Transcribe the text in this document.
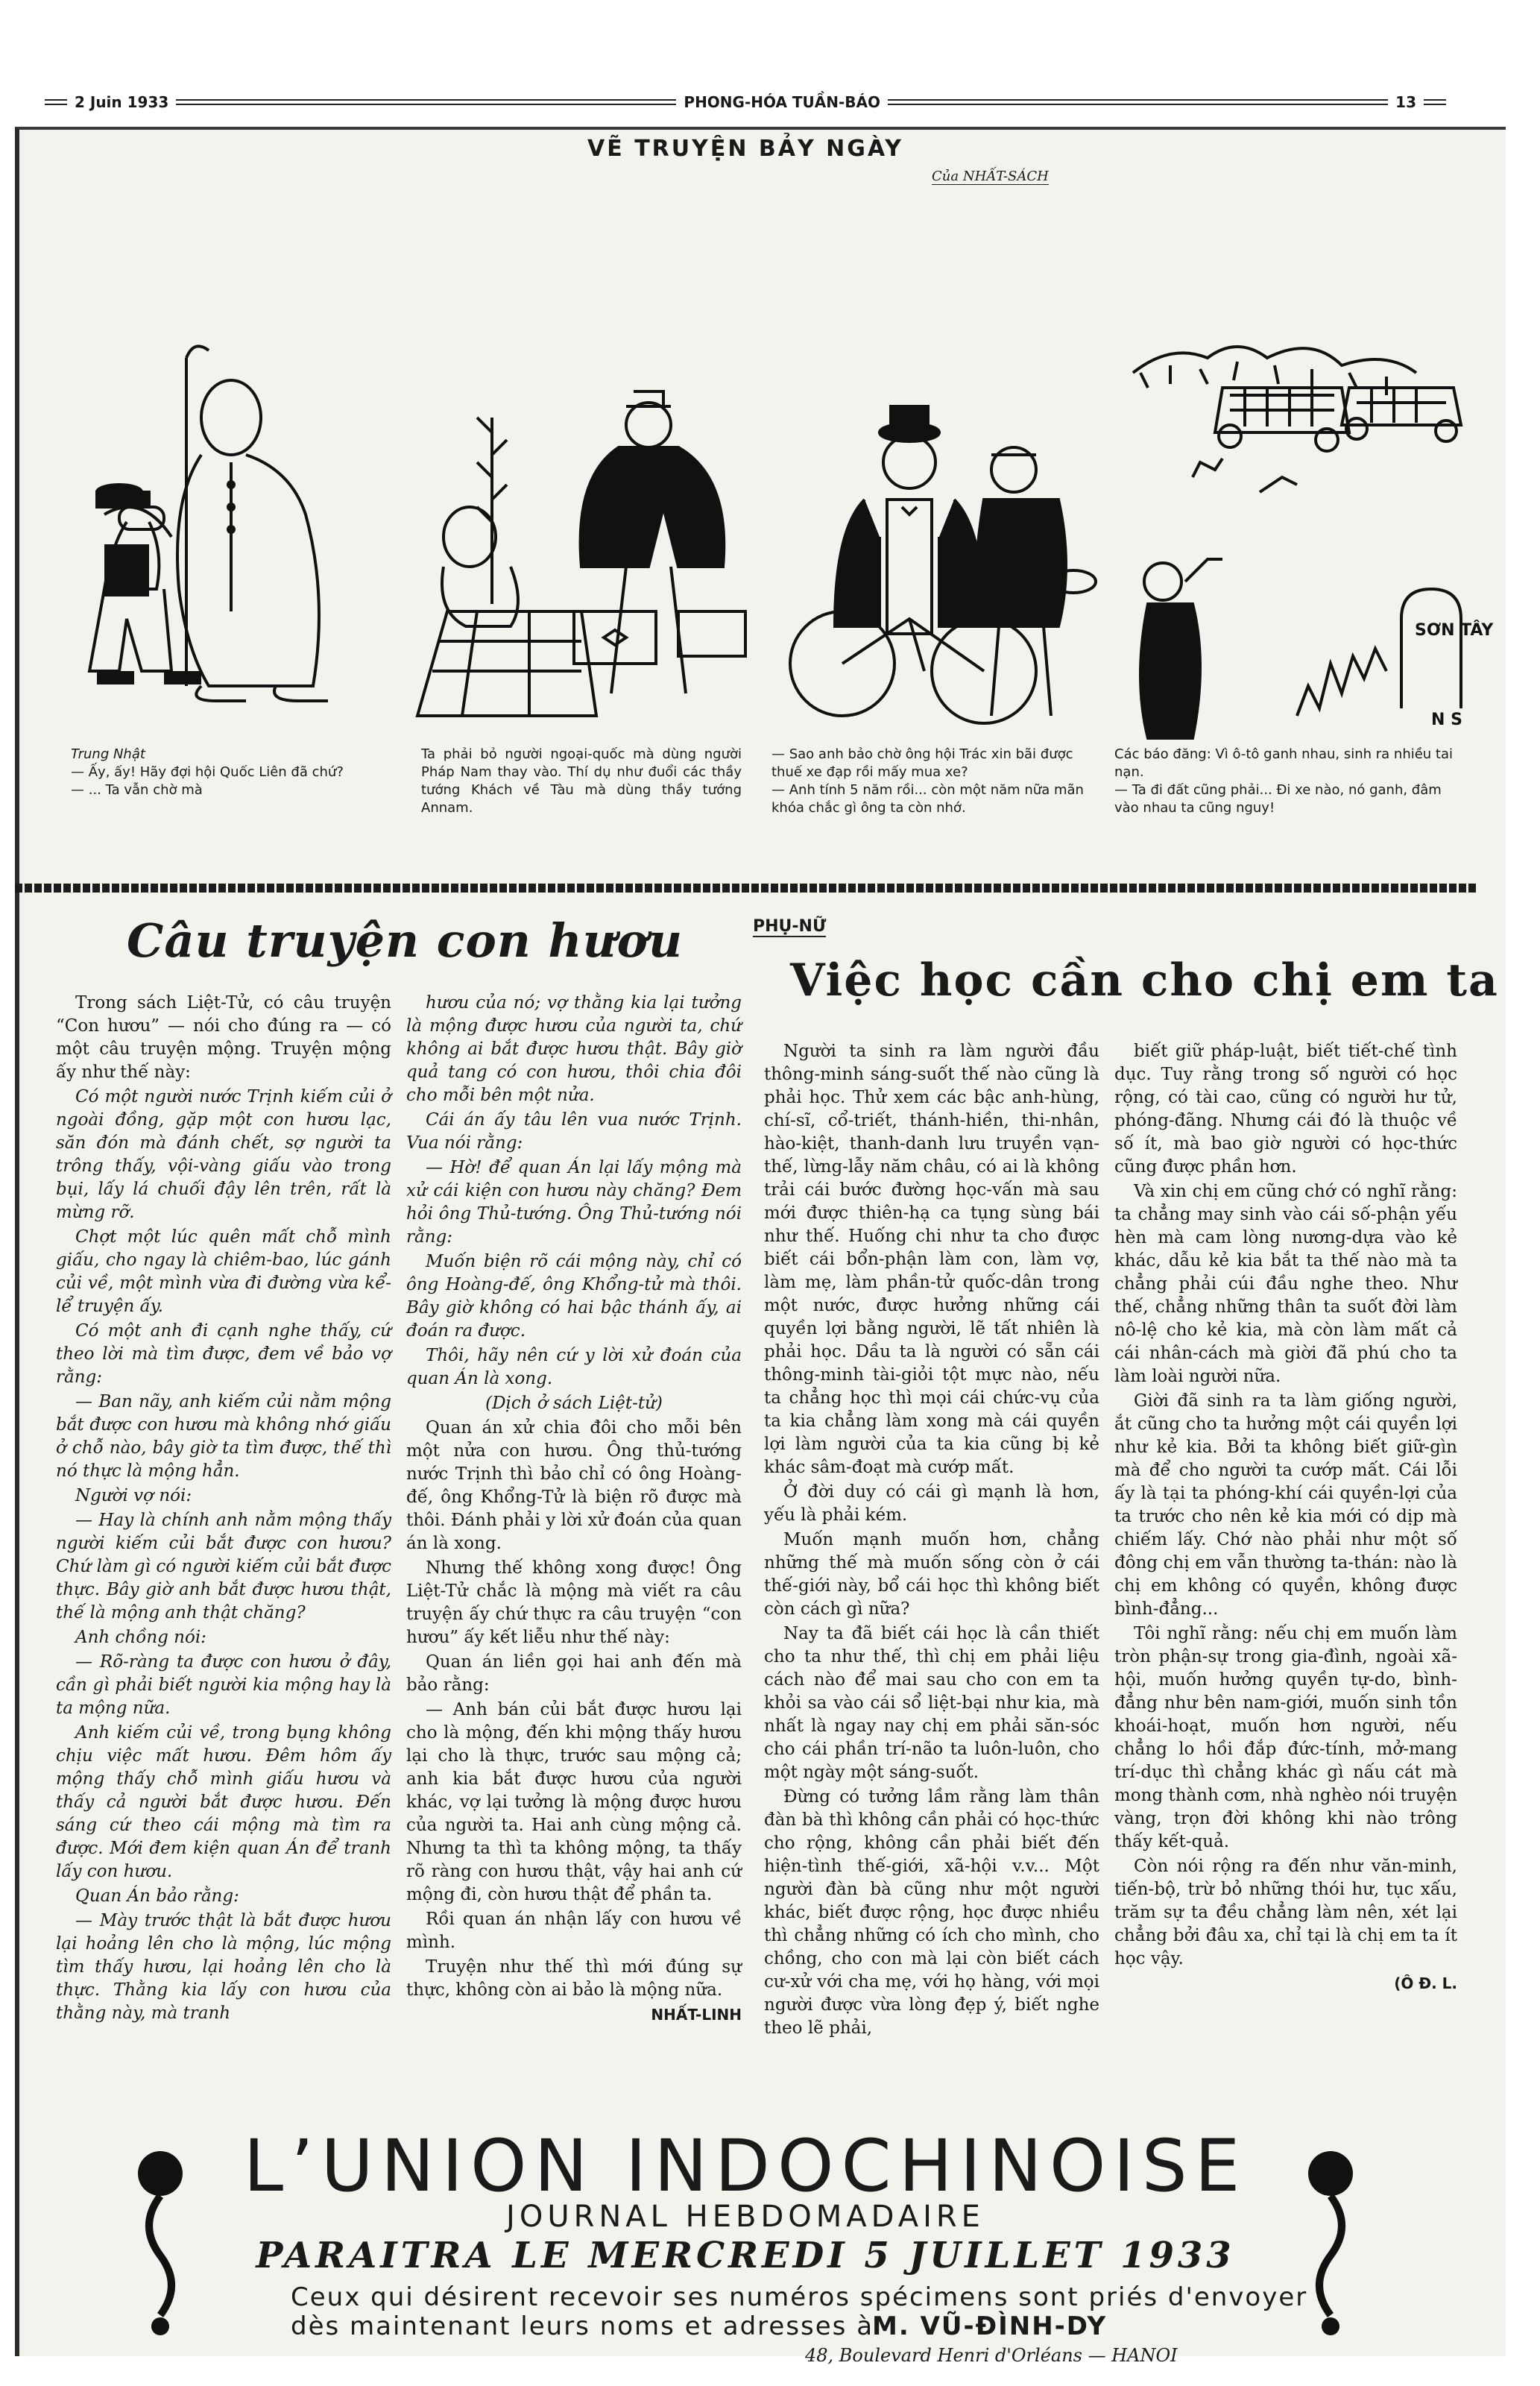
2 Juin 1933	PHONG-HÓA TUẦN-BÁO	13
VẼ TRUYỆN BẢY NGÀY
Của NHẤT-SÁCH

Trung Nhật

— Ấy, ấy! Hãy đợi hội Quốc Liên đã chứ?

— ... Ta vẫn chờ mà

Ta phải bỏ người ngoại-quốc mà dùng người Pháp Nam thay vào. Thí dụ như đuổi các thầy tướng Khách về Tàu mà dùng thầy tướng Annam.

— Sao anh bảo chờ ông hội Trác xin bãi được thuế xe đạp rồi mấy mua xe?

— Anh tính 5 năm rồi... còn một năm nữa mãn khóa chắc gì ông ta còn nhớ.

SƠN TÂY
N S

Các báo đăng: Vì ô-tô ganh nhau, sinh ra nhiều tai nạn.

— Ta đi đất cũng phải... Đi xe nào, nó ganh, đâm vào nhau ta cũng nguy!

Câu truyện con hươu

Trong sách Liệt-Tử, có câu truyện “Con hươu” — nói cho đúng ra — có một câu truyện mộng. Truyện mộng ấy như thế này:

Có một người nước Trịnh kiếm củi ở ngoài đồng, gặp một con hươu lạc, săn đón mà đánh chết, sợ người ta trông thấy, vội-vàng giấu vào trong bụi, lấy lá chuối đậy lên trên, rất là mừng rỡ.

Chợt một lúc quên mất chỗ mình giấu, cho ngay là chiêm-bao, lúc gánh củi về, một mình vừa đi đường vừa kể-lể truyện ấy.

Có một anh đi cạnh nghe thấy, cứ theo lời mà tìm được, đem về bảo vợ rằng:

— Ban nãy, anh kiếm củi nằm mộng bắt được con hươu mà không nhớ giấu ở chỗ nào, bây giờ ta tìm được, thế thì nó thực là mộng hẳn.

Người vợ nói:

— Hay là chính anh nằm mộng thấy người kiếm củi bắt được con hươu? Chứ làm gì có người kiếm củi bắt được thực. Bây giờ anh bắt được hươu thật, thế là mộng anh thật chăng?

Anh chồng nói:

— Rõ-ràng ta được con hươu ở đây, cần gì phải biết người kia mộng hay là ta mộng nữa.

Anh kiếm củi về, trong bụng không chịu việc mất hươu. Đêm hôm ấy mộng thấy chỗ mình giấu hươu và thấy cả người bắt được hươu. Đến sáng cứ theo cái mộng mà tìm ra được. Mới đem kiện quan Án để tranh lấy con hươu.

Quan Án bảo rằng:

— Mày trước thật là bắt được hươu lại hoảng lên cho là mộng, lúc mộng tìm thấy hươu, lại hoảng lên cho là thực. Thằng kia lấy con hươu của thằng này, mà tranh

hươu của nó; vợ thằng kia lại tưởng là mộng được hươu của người ta, chứ không ai bắt được hươu thật. Bây giờ quả tang có con hươu, thôi chia đôi cho mỗi bên một nửa.

Cái án ấy tâu lên vua nước Trịnh. Vua nói rằng:

— Hờ! để quan Án lại lấy mộng mà xử cái kiện con hươu này chăng? Đem hỏi ông Thủ-tướng. Ông Thủ-tướng nói rằng:

Muốn biện rõ cái mộng này, chỉ có ông Hoàng-đế, ông Khổng-tử mà thôi. Bây giờ không có hai bậc thánh ấy, ai đoán ra được.

Thôi, hãy nên cứ y lời xử đoán của quan Án là xong.

(Dịch ở sách Liệt-tử)

Quan án xử chia đôi cho mỗi bên một nửa con hươu. Ông thủ-tướng nước Trịnh thì bảo chỉ có ông Hoàng-đế, ông Khổng-Tử là biện rõ được mà thôi. Đánh phải y lời xử đoán của quan án là xong.

Nhưng thế không xong được! Ông Liệt-Tử chắc là mộng mà viết ra câu truyện ấy chứ thực ra câu truyện “con hươu” ấy kết liễu như thế này:

Quan án liền gọi hai anh đến mà bảo rằng:

— Anh bán củi bắt được hươu lại cho là mộng, đến khi mộng thấy hươu lại cho là thực, trước sau mộng cả; anh kia bắt được hươu của người khác, vợ lại tưởng là mộng được hươu của người ta. Hai anh cùng mộng cả. Nhưng ta thì ta không mộng, ta thấy rõ ràng con hươu thật, vậy hai anh cứ mộng đi, còn hươu thật để phần ta.

Rồi quan án nhận lấy con hươu về mình.

Truyện như thế thì mới đúng sự thực, không còn ai bảo là mộng nữa.

NHẤT-LINH

PHỤ-NỮ
Việc học cần cho chị em ta

Người ta sinh ra làm người đầu thông-minh sáng-suốt thế nào cũng là phải học. Thử xem các bậc anh-hùng, chí-sĩ, cổ-triết, thánh-hiền, thi-nhân, hào-kiệt, thanh-danh lưu truyền vạn-thế, lừng-lẫy năm châu, có ai là không trải cái bước đường học-vấn mà sau mới được thiên-hạ ca tụng sùng bái như thế. Huống chi như ta cho được biết cái bổn-phận làm con, làm vợ, làm mẹ, làm phần-tử quốc-dân trong một nước, được hưởng những cái quyền lợi bằng người, lẽ tất nhiên là phải học. Dầu ta là người có sẵn cái thông-minh tài-giỏi tột mực nào, nếu ta chẳng học thì mọi cái chức-vụ của ta kia chẳng làm xong mà cái quyền lợi làm người của ta kia cũng bị kẻ khác sâm-đoạt mà cướp mất.

Ở đời duy có cái gì mạnh là hơn, yếu là phải kém.

Muốn mạnh muốn hơn, chẳng những thế mà muốn sống còn ở cái thế-giới này, bổ cái học thì không biết còn cách gì nữa?

Nay ta đã biết cái học là cần thiết cho ta như thế, thì chị em phải liệu cách nào để mai sau cho con em ta khỏi sa vào cái sổ liệt-bại như kia, mà nhất là ngay nay chị em phải săn-sóc cho cái phần trí-não ta luôn-luôn, cho một ngày một sáng-suốt.

Đừng có tưởng lầm rằng làm thân đàn bà thì không cần phải có học-thức cho rộng, không cần phải biết đến hiện-tình thế-giới, xã-hội v.v... Một người đàn bà cũng như một người khác, biết được rộng, học được nhiều thì chẳng những có ích cho mình, cho chồng, cho con mà lại còn biết cách cư-xử với cha mẹ, với họ hàng, với mọi người được vừa lòng đẹp ý, biết nghe theo lẽ phải,

biết giữ pháp-luật, biết tiết-chế tình dục. Tuy rằng trong số người có học rộng, có tài cao, cũng có người hư tử, phóng-đãng. Nhưng cái đó là thuộc về số ít, mà bao giờ người có học-thức cũng được phần hơn.

Và xin chị em cũng chớ có nghĩ rằng: ta chẳng may sinh vào cái số-phận yếu hèn mà cam lòng nương-dựa vào kẻ khác, dẫu kẻ kia bắt ta thế nào mà ta chẳng phải cúi đầu nghe theo. Như thế, chẳng những thân ta suốt đời làm nô-lệ cho kẻ kia, mà còn làm mất cả cái nhân-cách mà giời đã phú cho ta làm loài người nữa.

Giời đã sinh ra ta làm giống người, ắt cũng cho ta hưởng một cái quyền lợi như kẻ kia. Bởi ta không biết giữ-gìn mà để cho người ta cướp mất. Cái lỗi ấy là tại ta phóng-khí cái quyền-lợi của ta trước cho nên kẻ kia mới có dịp mà chiếm lấy. Chớ nào phải như một số đông chị em vẫn thường ta-thán: nào là chị em không có quyền, không được bình-đẳng...

Tôi nghĩ rằng: nếu chị em muốn làm tròn phận-sự trong gia-đình, ngoài xã-hội, muốn hưởng quyền tự-do, bình-đẳng như bên nam-giới, muốn sinh tồn khoái-hoạt, muốn hơn người, nếu chẳng lo hồi đắp đức-tính, mở-mang trí-dục thì chẳng khác gì nấu cát mà mong thành cơm, nhà nghèo nói truyện vàng, trọn đời không khi nào trông thấy kết-quả.

Còn nói rộng ra đến như văn-minh, tiến-bộ, trừ bỏ những thói hư, tục xấu, trăm sự ta đều chẳng làm nên, xét lại chẳng bởi đâu xa, chỉ tại là chị em ta ít học vậy.

(Ô Đ. L.

L’UNION INDOCHINOISE
JOURNAL HEBDOMADAIRE
PARAITRA LE MERCREDI 5 JUILLET 1933
Ceux qui désirent recevoir ses numéros spécimens sont priés d'envoyer
dès maintenant leurs noms et adresses à
M. VŨ-ĐÌNH-DY
48, Boulevard Henri d'Orléans — HANOI
